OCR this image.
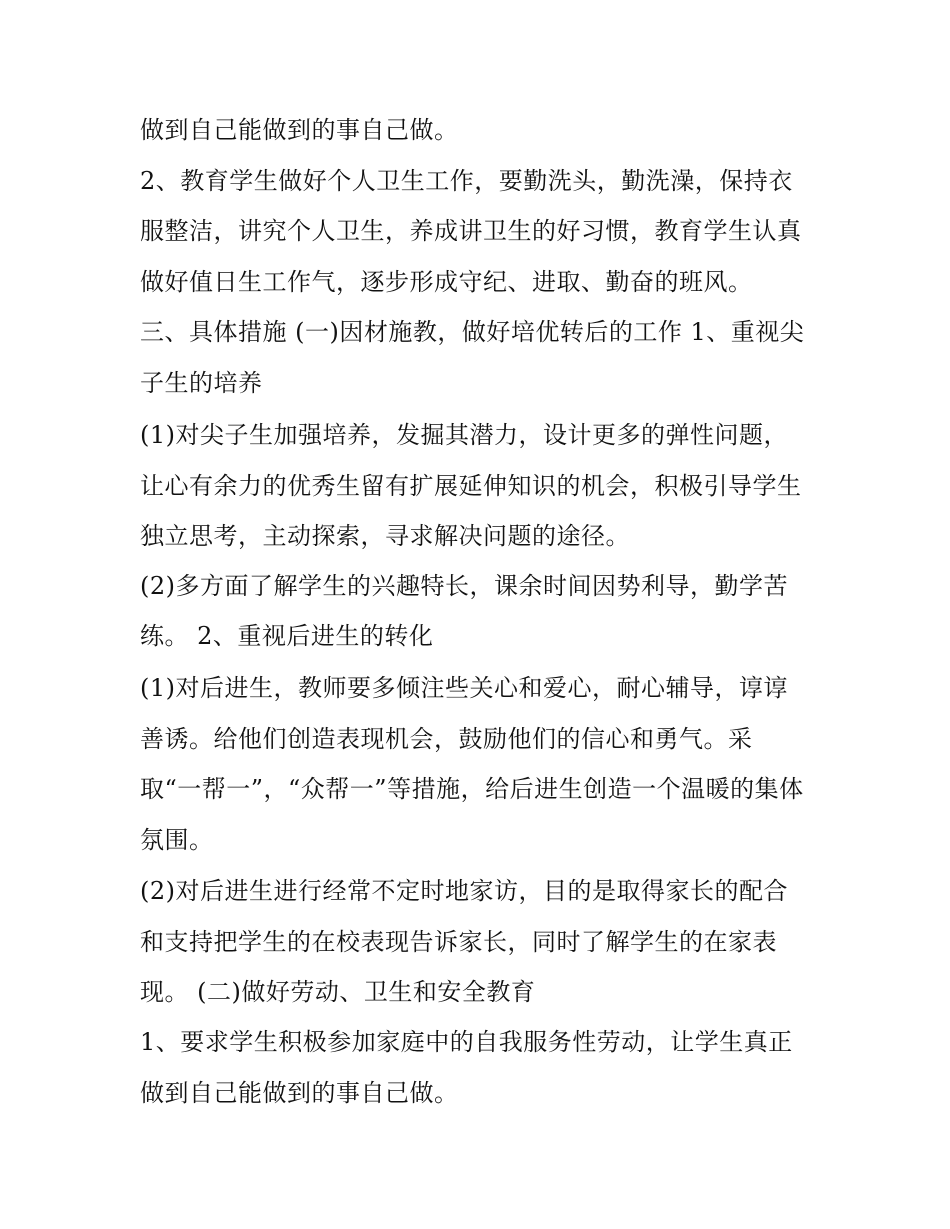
做到自己能做到的事自己做。
2、教育学生做好个人卫生工作，要勤洗头，勤洗澡，保持衣
服整洁，讲究个人卫生，养成讲卫生的好习惯，教育学生认真
做好值日生工作气，逐步形成守纪、进取、勤奋的班风。
三、具体措施 (一)因材施教，做好培优转后的工作 1、重视尖
子生的培养
(1)对尖子生加强培养，发掘其潜力，设计更多的弹性问题，
让心有余力的优秀生留有扩展延伸知识的机会，积极引导学生
独立思考，主动探索，寻求解决问题的途径。
(2)多方面了解学生的兴趣特长，课余时间因势利导，勤学苦
练。 2、重视后进生的转化
(1)对后进生，教师要多倾注些关心和爱心，耐心辅导，谆谆
善诱。给他们创造表现机会，鼓励他们的信心和勇气。采
取“一帮一”，“众帮一”等措施，给后进生创造一个温暖的集体
氛围。
(2)对后进生进行经常不定时地家访，目的是取得家长的配合
和支持把学生的在校表现告诉家长，同时了解学生的在家表
现。 (二)做好劳动、卫生和安全教育
1、要求学生积极参加家庭中的自我服务性劳动，让学生真正
做到自己能做到的事自己做。
